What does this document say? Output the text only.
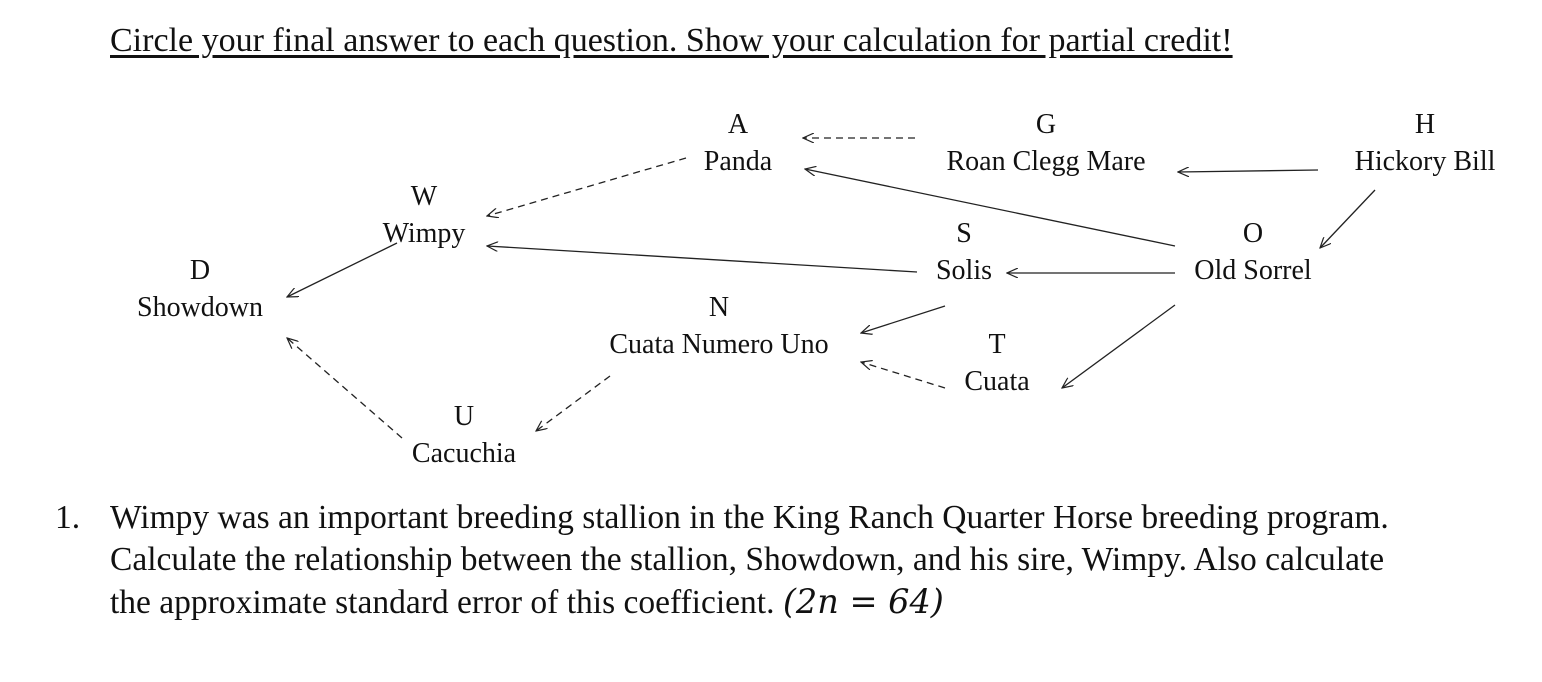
Circle your final answer to each question. Show your calculation for partial credit!
A
Panda
G
Roan Clegg Mare
H
Hickory Bill
W
Wimpy	S
Solis
O
Old Sorrel
D
Showdown	N
Cuata Numero Uno	T
Cuata
U
Cacuchia
1. Wimpy was an important breeding stallion in the King Ranch Quarter Horse breeding program. Calculate the relationship between the stallion, Showdown, and his sire, Wimpy. Also calculate the approximate standard error of this coefficient. (2n = 64)
